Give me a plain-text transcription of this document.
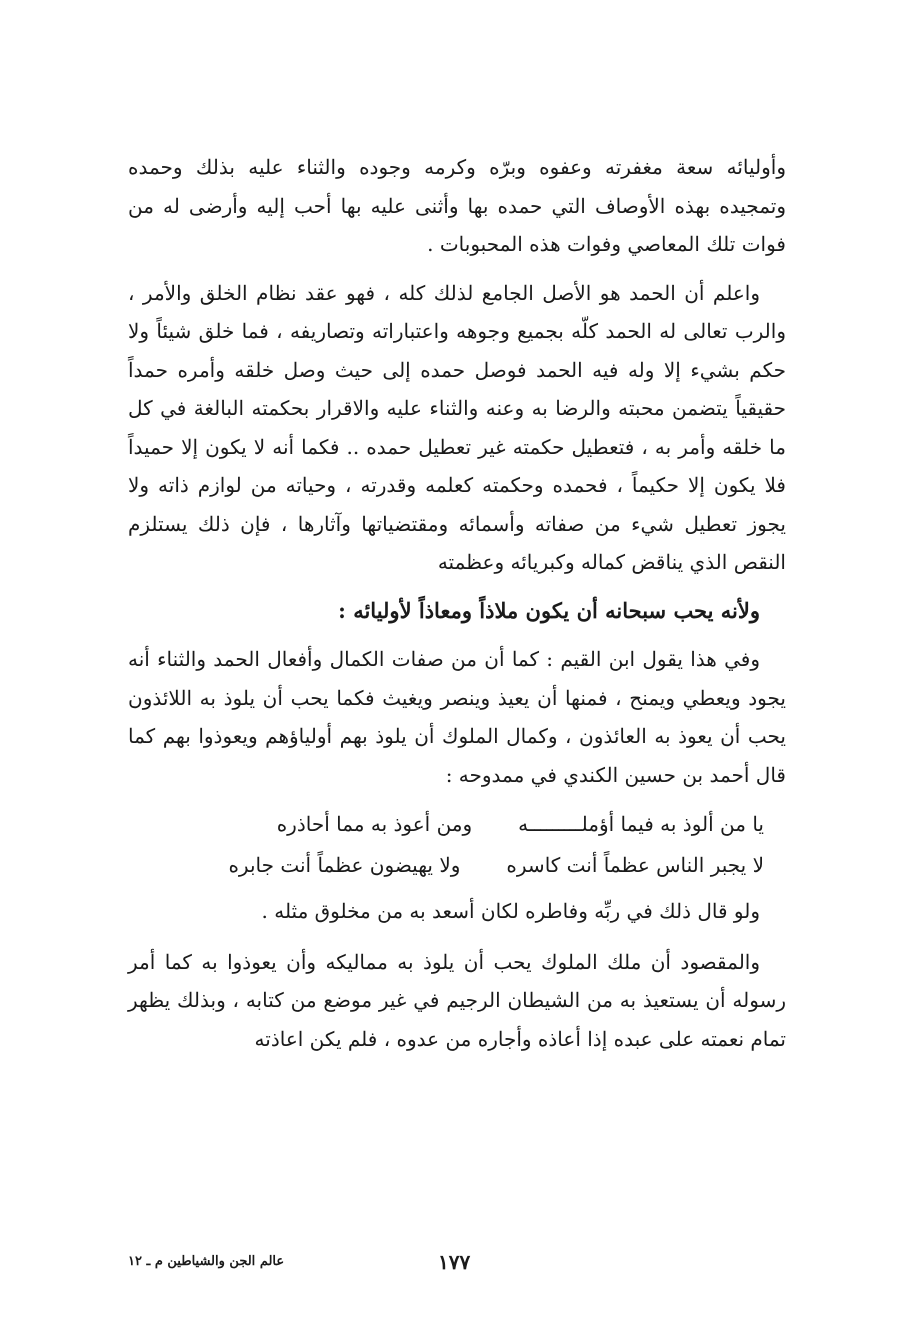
وأوليائه سعة مغفرته وعفوه وبرّه وكرمه وجوده والثناء عليه بذلك وحمده وتمجيده بهذه الأوصاف التي حمده بها وأثنى عليه بها أحب إليه وأرضى له من فوات تلك المعاصي وفوات هذه المحبوبات .

واعلم أن الحمد هو الأصل الجامع لذلك كله ، فهو عقد نظام الخلق والأمر ، والرب تعالى له الحمد كلّه بجميع وجوهه واعتباراته وتصاريفه ، فما خلق شيئاً ولا حكم بشيء إلا وله فيه الحمد فوصل حمده إلى حيث وصل خلقه وأمره حمداً حقيقياً يتضمن محبته والرضا به وعنه والثناء عليه والاقرار بحكمته البالغة في كل ما خلقه وأمر به ، فتعطيل حكمته غير تعطيل حمده .. فكما أنه لا يكون إلا حميداً فلا يكون إلا حكيماً ، فحمده وحكمته كعلمه وقدرته ، وحياته من لوازم ذاته ولا يجوز تعطيل شيء من صفاته وأسمائه ومقتضياتها وآثارها ، فإن ذلك يستلزم النقص الذي يناقض كماله وكبريائه وعظمته

ولأنه يحب سبحانه أن يكون ملاذاً ومعاذاً لأوليائه :

وفي هذا يقول ابن القيم : كما أن من صفات الكمال وأفعال الحمد والثناء أنه يجود ويعطي ويمنح ، فمنها أن يعيذ وينصر ويغيث فكما يحب أن يلوذ به اللائذون يحب أن يعوذ به العائذون ، وكمال الملوك أن يلوذ بهم أولياؤهم ويعوذوا بهم كما قال أحمد بن حسين الكندي في ممدوحه :

يا من ألوذ به فيما أؤملـــــــــه
ومن أعوذ به مما أحاذره
لا يجبر الناس عظماً أنت كاسره
ولا يهيضون عظماً أنت جابره

ولو قال ذلك في ربِّه وفاطره لكان أسعد به من مخلوق مثله .

والمقصود أن ملك الملوك يحب أن يلوذ به مماليكه وأن يعوذوا به كما أمر رسوله أن يستعيذ به من الشيطان الرجيم في غير موضع من كتابه ، وبذلك يظهر تمام نعمته على عبده إذا أعاذه وأجاره من عدوه ، فلم يكن اعاذته

١٧٧
عالم الجن والشياطين م ـ ١٢
